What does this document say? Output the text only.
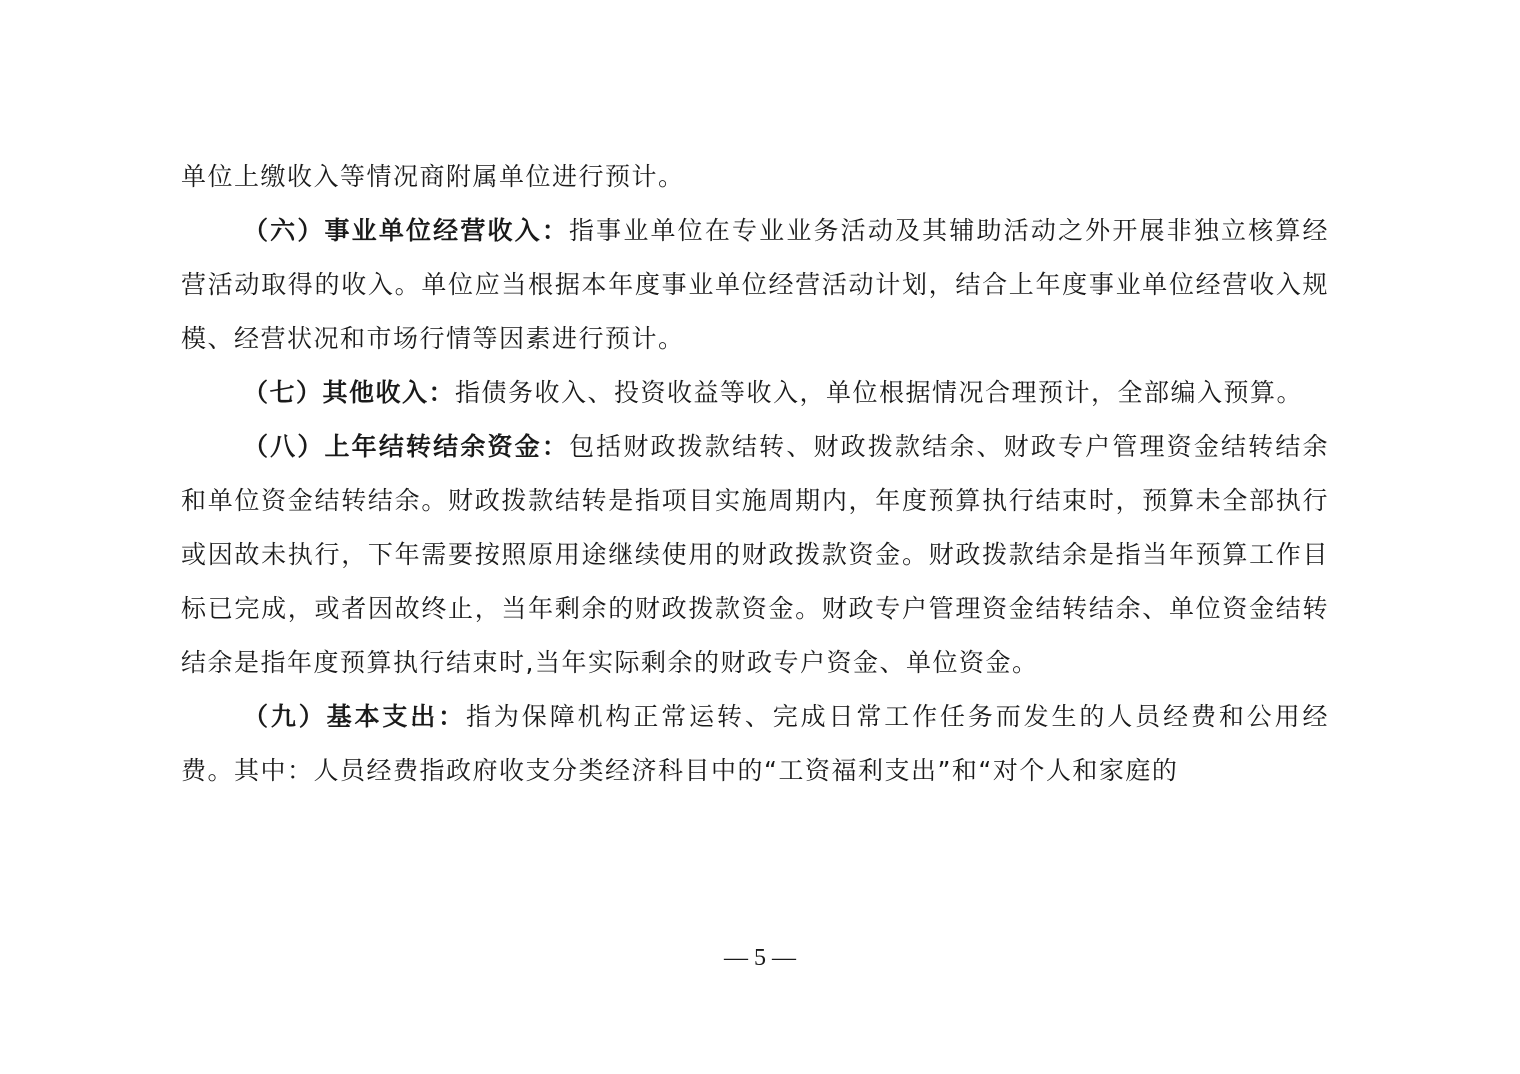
单位上缴收入等情况商附属单位进行预计。

（六）事业单位经营收入：指事业单位在专业业务活动及其辅助活动之外开展非独立核算经营活动取得的收入。单位应当根据本年度事业单位经营活动计划，结合上年度事业单位经营收入规模、经营状况和市场行情等因素进行预计。

（七）其他收入：指债务收入、投资收益等收入，单位根据情况合理预计，全部编入预算。

（八）上年结转结余资金：包括财政拨款结转、财政拨款结余、财政专户管理资金结转结余和单位资金结转结余。财政拨款结转是指项目实施周期内，年度预算执行结束时，预算未全部执行或因故未执行，下年需要按照原用途继续使用的财政拨款资金。财政拨款结余是指当年预算工作目标已完成，或者因故终止，当年剩余的财政拨款资金。财政专户管理资金结转结余、单位资金结转结余是指年度预算执行结束时,当年实际剩余的财政专户资金、单位资金。

（九）基本支出：指为保障机构正常运转、完成日常工作任务而发生的人员经费和公用经费。其中：人员经费指政府收支分类经济科目中的“工资福利支出”和“对个人和家庭的

— 5 —
